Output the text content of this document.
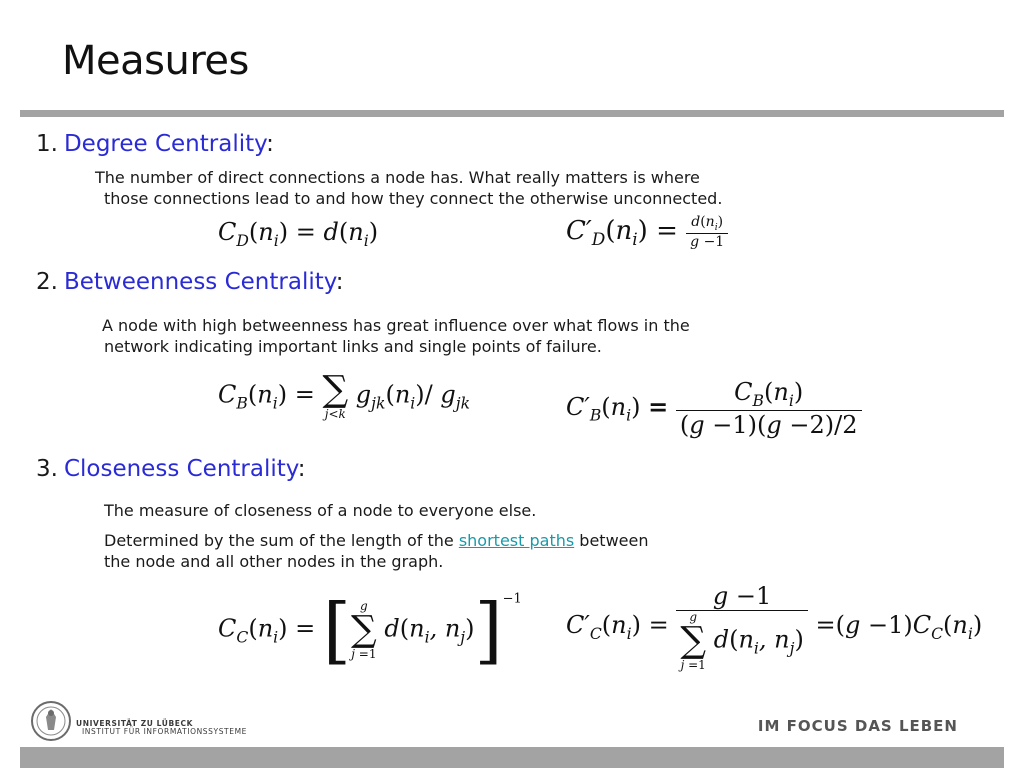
Measures
1. Degree Centrality:
The number of direct connections a node has. What really matters is where
those connections lead to and how they connect the otherwise unconnected.
$C_D(n_i) = d(n_i)$	$C'_D(n_i) = \frac{d(n_i)}{g -1}$
2. Betweenness Centrality:
A node with high betweenness has great influence over what flows in the
network indicating important links and single points of failure.
$C_B(n_i)$ = ∑
j<k
$g_{jk}(n_i)/$ $g_{jk}$	$C'_B(n_i) = \frac{C_B(n_i)}{(g -1)(g -2)/2}$
3. Closeness Centrality:
The measure of closeness of a node to everyone else.
Determined by the sum of the length of the shortest paths between
the node and all other nodes in the graph.
$C_C(n_i)$ = [ g
∑
j =1
$d(n_i$, $n_j)]^{-1}$
$C'_C(n_i) = g -1$
g
∑
j =1
$d(n_i$, $n_j) =(g -1)C_C(n_i)$
UNIVERSITÄT ZU LÜBECK
INSTITUT FÜR INFORMATIONSSYSTEME	IM FOCUS DAS LEBEN
